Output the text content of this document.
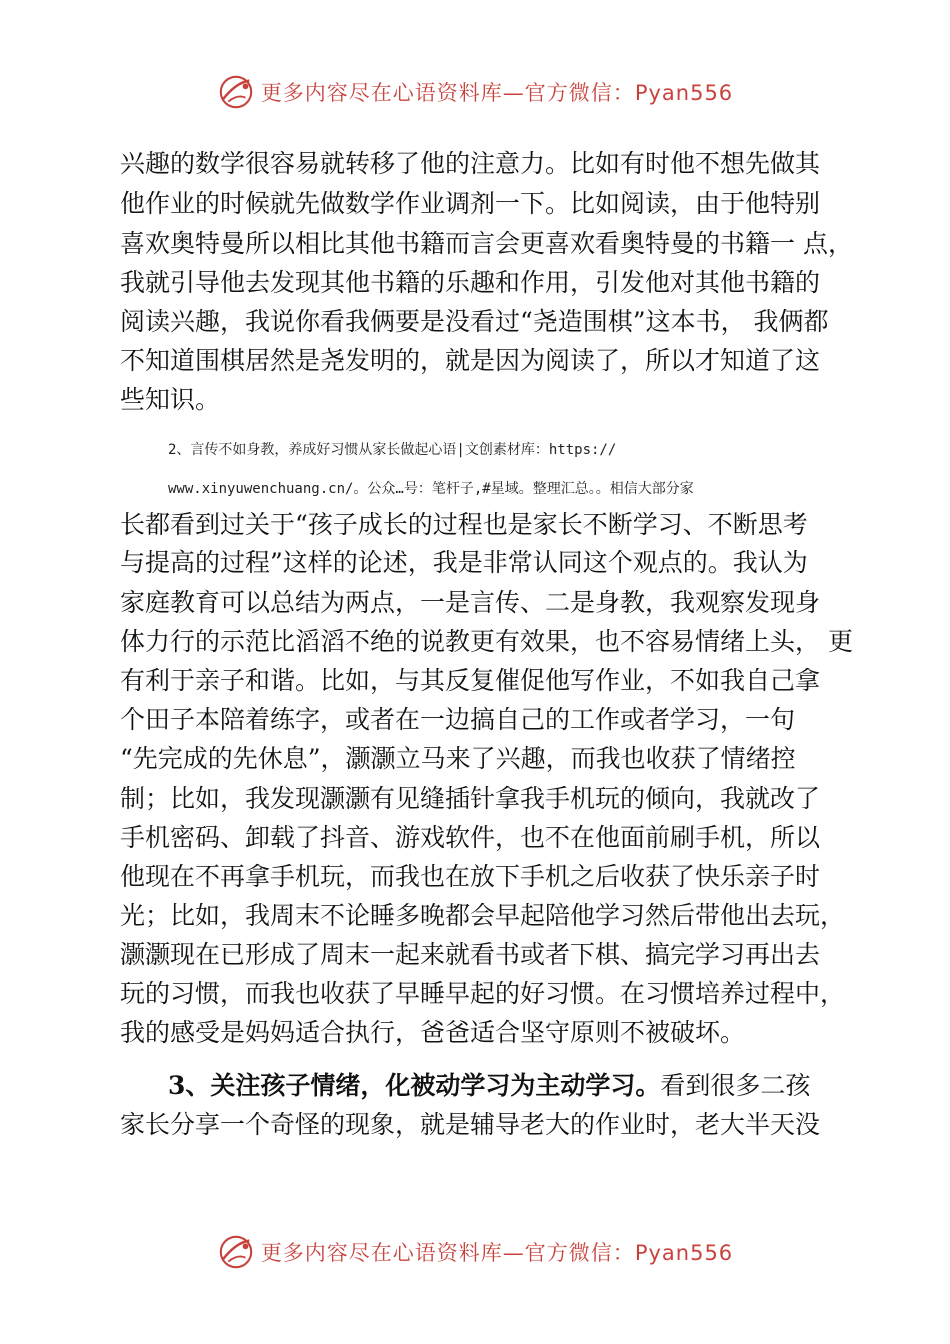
更多内容尽在心语资料库—官方微信：Pyan556
兴趣的数学很容易就转移了他的注意力。比如有时他不想先做其
他作业的时候就先做数学作业调剂一下。比如阅读，由于他特别
喜欢奥特曼所以相比其他书籍而言会更喜欢看奥特曼的书籍一 点，
我就引导他去发现其他书籍的乐趣和作用，引发他对其他书籍的
阅读兴趣，我说你看我俩要是没看过“尧造围棋”这本书， 我俩都
不知道围棋居然是尧发明的，就是因为阅读了，所以才知道了这
些知识。
2、言传不如身教，养成好习惯从家长做起心语|文创素材库：https://
www.xinyuwenchuang.cn/。公众…号：笔杆子,#星域。整理汇总。。相信大部分家
长都看到过关于“孩子成长的过程也是家长不断学习、不断思考
与提高的过程”这样的论述，我是非常认同这个观点的。我认为
家庭教育可以总结为两点，一是言传、二是身教，我观察发现身
体力行的示范比滔滔不绝的说教更有效果，也不容易情绪上头， 更
有利于亲子和谐。比如，与其反复催促他写作业，不如我自己拿
个田子本陪着练字，或者在一边搞自己的工作或者学习，一句
“先完成的先休息”，灏灏立马来了兴趣，而我也收获了情绪控
制；比如，我发现灏灏有见缝插针拿我手机玩的倾向，我就改了
手机密码、卸载了抖音、游戏软件，也不在他面前刷手机，所以
他现在不再拿手机玩，而我也在放下手机之后收获了快乐亲子时
光；比如，我周末不论睡多晚都会早起陪他学习然后带他出去玩，
灏灏现在已形成了周末一起来就看书或者下棋、搞完学习再出去
玩的习惯，而我也收获了早睡早起的好习惯。在习惯培养过程中，
我的感受是妈妈适合执行，爸爸适合坚守原则不被破坏。
3、关注孩子情绪，化被动学习为主动学习。看到很多二孩
家长分享一个奇怪的现象，就是辅导老大的作业时，老大半天没
更多内容尽在心语资料库—官方微信：Pyan556
